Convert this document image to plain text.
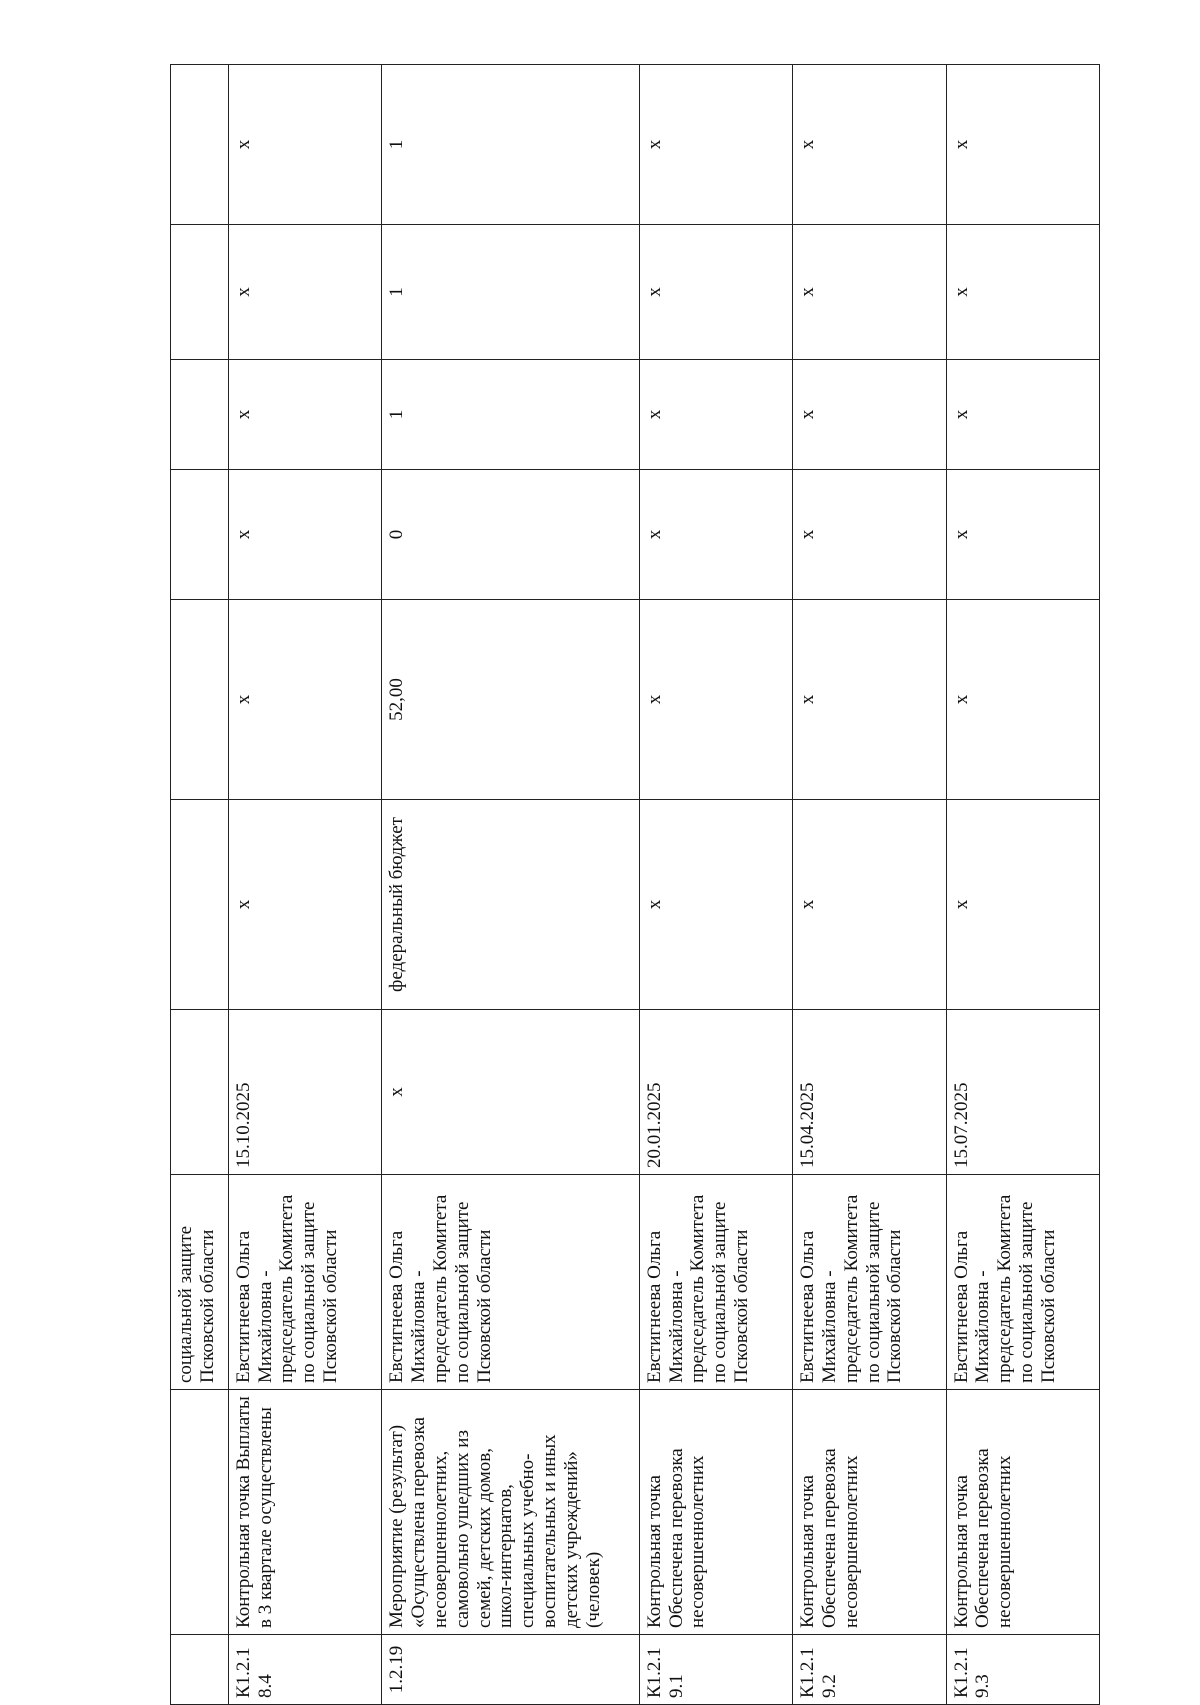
		социальной защите Псковской области							
К1.2.18.4	Контрольная точка Выплаты в 3 квартале осуществлены	Евстигнеева Ольга Михайловна - председатель Комитета по социальной защите Псковской области	15.10.2025	х	х	х	х	х	х
1.2.19	Мероприятие (результат) «Осуществлена перевозка несовершеннолетних, самовольно ушедших из семей, детских домов, школ-интернатов, специальных учебно-воспитательных и иных детских учреждений» (человек)	Евстигнеева Ольга Михайловна - председатель Комитета по социальной защите Псковской области	х	федеральный бюджет	52,00	0	1	1	1
К1.2.19.1	Контрольная точка Обеспечена перевозка несовершеннолетних	Евстигнеева Ольга Михайловна - председатель Комитета по социальной защите Псковской области	20.01.2025	х	х	х	х	х	х
К1.2.19.2	Контрольная точка Обеспечена перевозка несовершеннолетних	Евстигнеева Ольга Михайловна - председатель Комитета по социальной защите Псковской области	15.04.2025	х	х	х	х	х	х
К1.2.19.3	Контрольная точка Обеспечена перевозка несовершеннолетних	Евстигнеева Ольга Михайловна - председатель Комитета по социальной защите Псковской области	15.07.2025	х	х	х	х	х	х
